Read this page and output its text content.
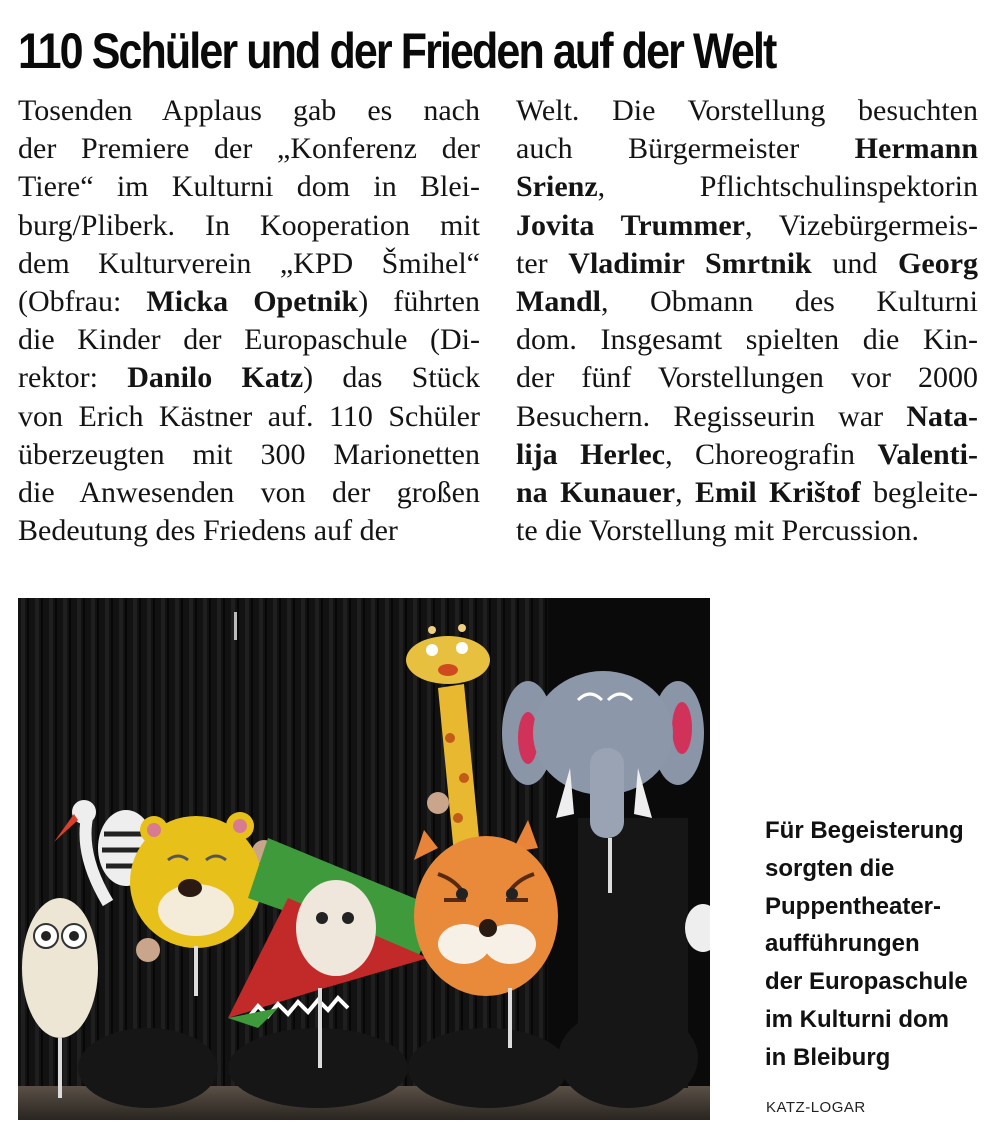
110 Schüler und der Frieden auf der Welt
Tosenden Applaus gab es nach
der Premiere der „Konferenz der
Tiere“ im Kulturni dom in Blei-
burg/Pliberk. In Kooperation mit
dem Kulturverein „KPD Šmihel“
(Obfrau: Micka Opetnik) führten
die Kinder der Europaschule (Di-
rektor: Danilo Katz) das Stück
von Erich Kästner auf. 110 Schüler
überzeugten mit 300 Marionetten
die Anwesenden von der großen
Bedeutung des Friedens auf der
Welt. Die Vorstellung besuchten
auch Bürgermeister Hermann
Srienz, Pflichtschulinspektorin
Jovita Trummer, Vizebürgermeis-
ter Vladimir Smrtnik und Georg
Mandl, Obmann des Kulturni
dom. Insgesamt spielten die Kin-
der fünf Vorstellungen vor 2000
Besuchern. Regisseurin war Nata-
lija Herlec, Choreografin Valenti-
na Kunauer, Emil Krištof begleite-
te die Vorstellung mit Percussion.
Für Begeisterung
sorgten die
Puppentheater-
aufführungen
der Europaschule
im Kulturni dom
in Bleiburg
KATZ-LOGAR
